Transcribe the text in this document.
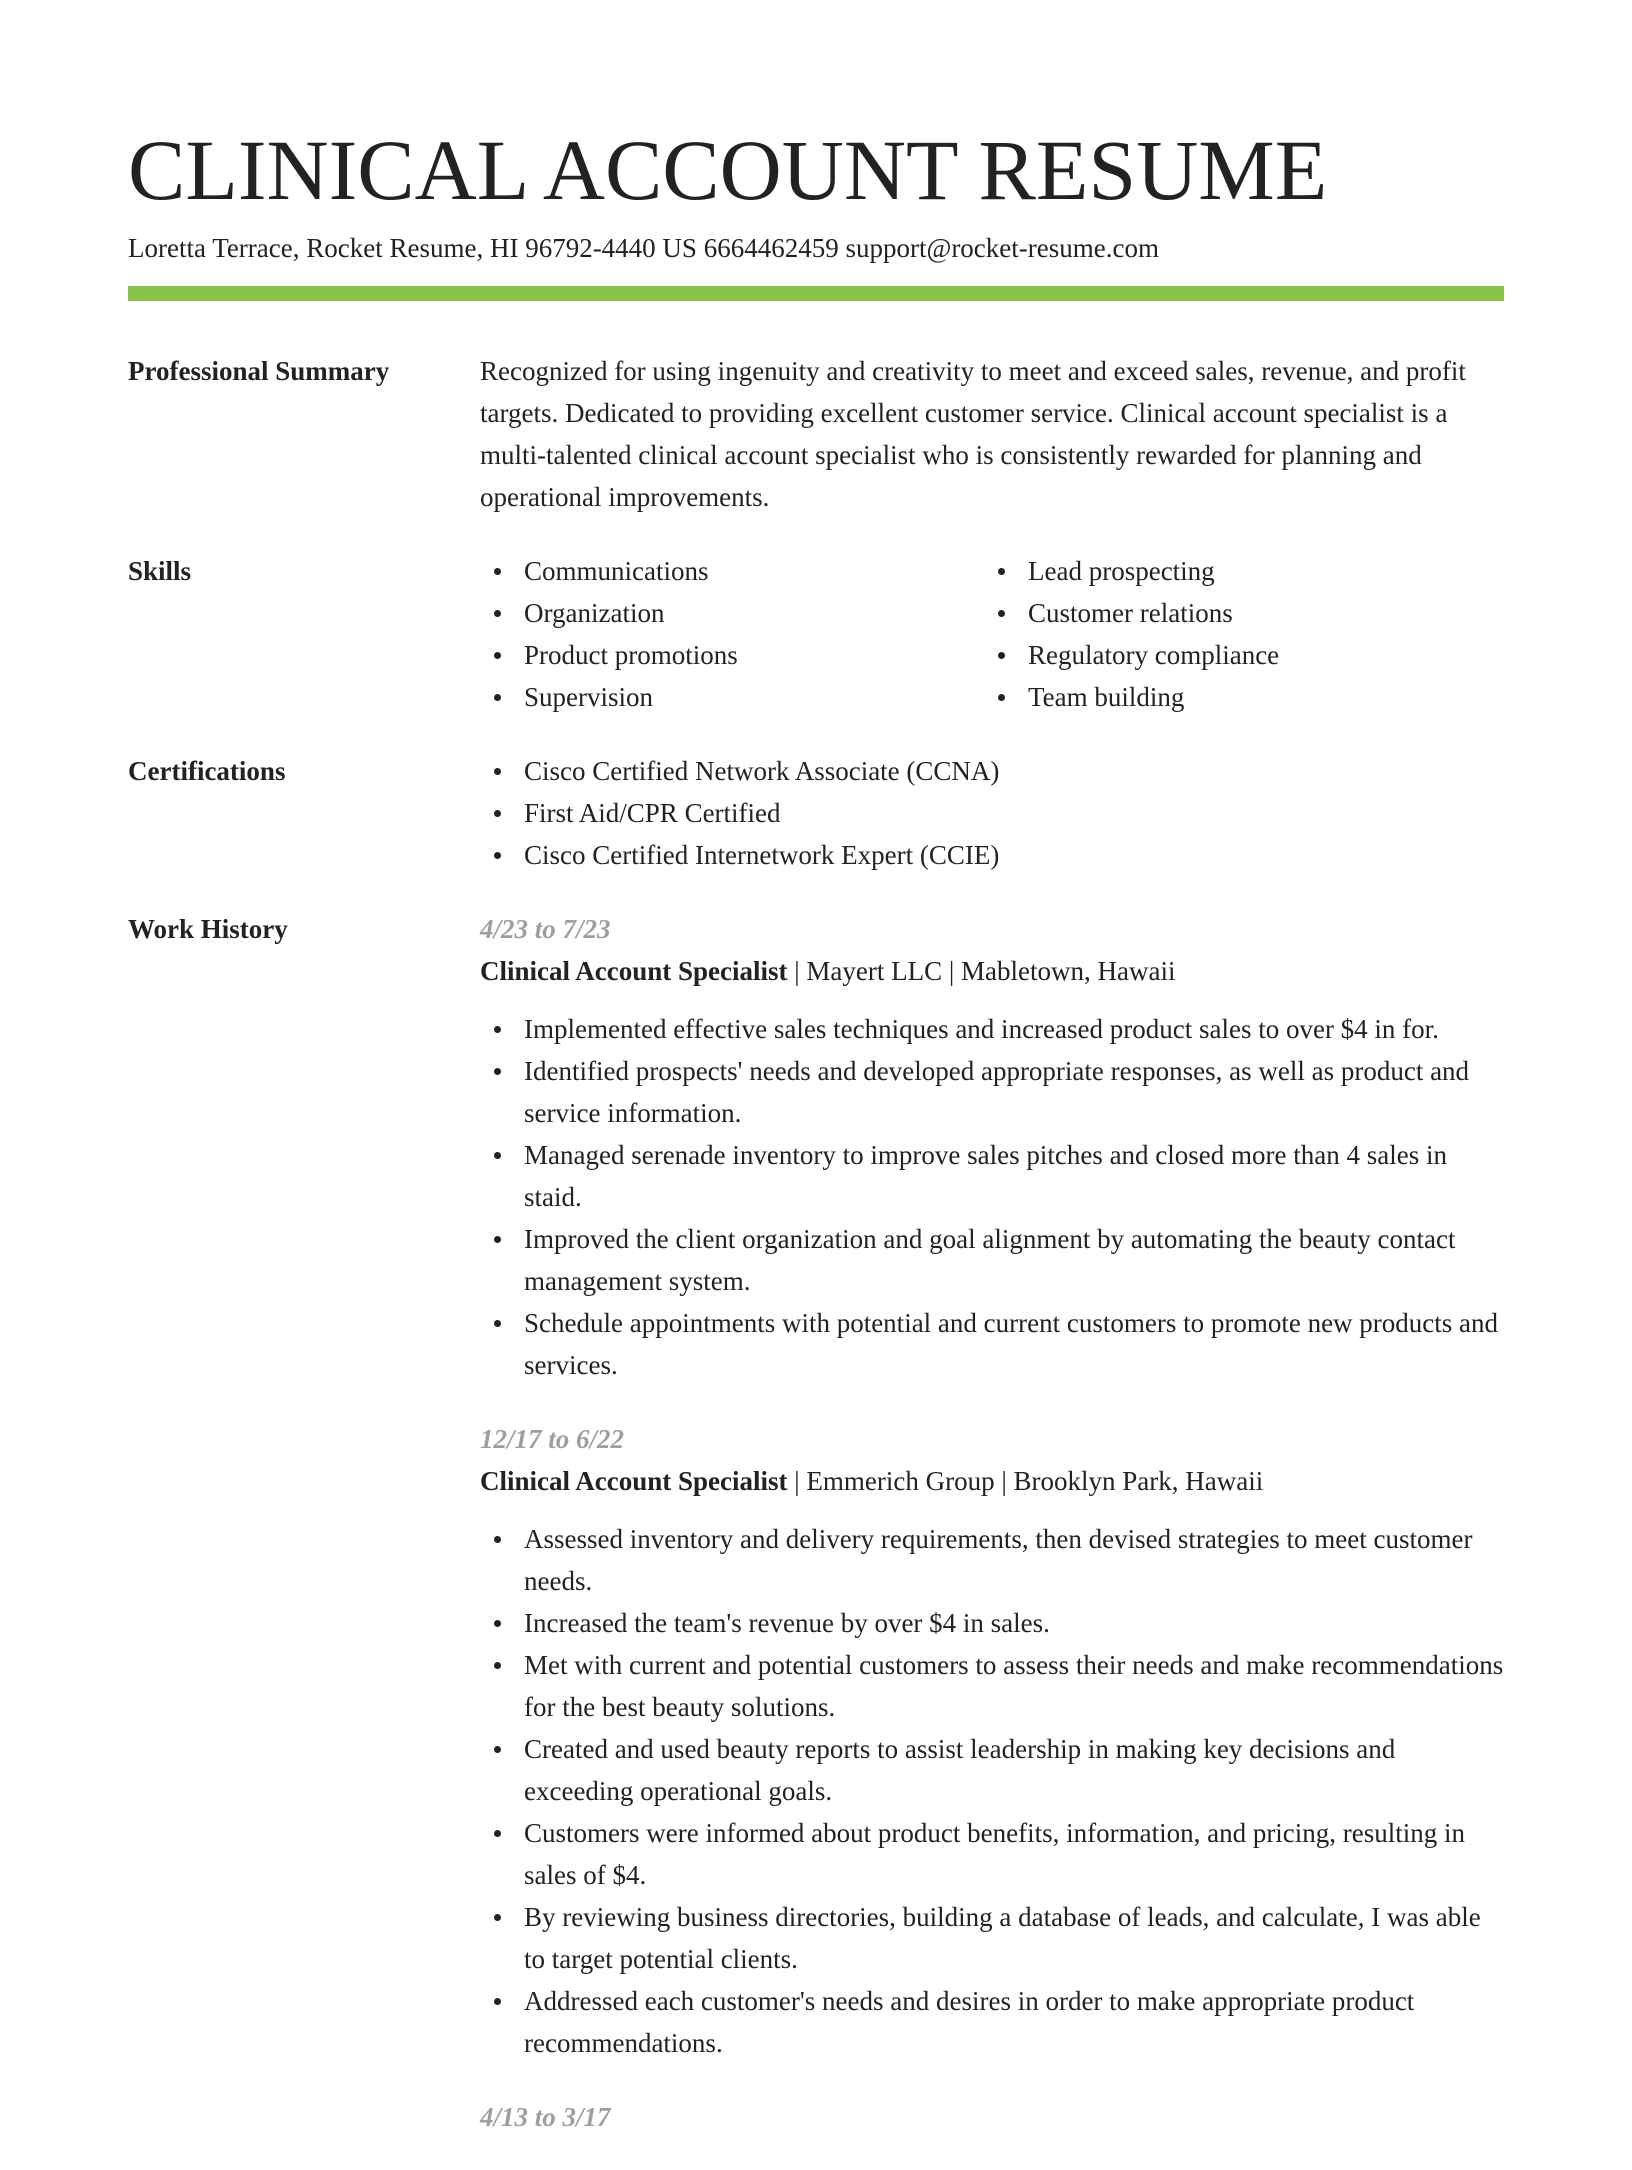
CLINICAL ACCOUNT RESUME
Loretta Terrace, Rocket Resume, HI 96792-4440 US 6664462459 support@rocket-resume.com
Professional Summary	Recognized for using ingenuity and creativity to meet and exceed sales, revenue, and profit targets. Dedicated to providing excellent customer service. Clinical account specialist is a multi-talented clinical account specialist who is consistently rewarded for planning and operational improvements.

Skills	Communications
Organization
Product promotions
Supervision
Lead prospecting
Customer relations
Regulatory compliance
Team building
Certifications	Cisco Certified Network Associate (CCNA)
First Aid/CPR Certified
Cisco Certified Internetwork Expert (CCIE)
Work History	4/23 to 7/23

Clinical Account Specialist | Mayert LLC | Mabletown, Hawaii

Implemented effective sales techniques and increased product sales to over $4 in for.
Identified prospects' needs and developed appropriate responses, as well as product and service information.
Managed serenade inventory to improve sales pitches and closed more than 4 sales in staid.
Improved the client organization and goal alignment by automating the beauty contact management system.
Schedule appointments with potential and current customers to promote new products and services.

12/17 to 6/22

Clinical Account Specialist | Emmerich Group | Brooklyn Park, Hawaii

Assessed inventory and delivery requirements, then devised strategies to meet customer needs.
Increased the team's revenue by over $4 in sales.
Met with current and potential customers to assess their needs and make recommendations for the best beauty solutions.
Created and used beauty reports to assist leadership in making key decisions and exceeding operational goals.
Customers were informed about product benefits, information, and pricing, resulting in sales of $4.
By reviewing business directories, building a database of leads, and calculate, I was able to target potential clients.
Addressed each customer's needs and desires in order to make appropriate product recommendations.

4/13 to 3/17
